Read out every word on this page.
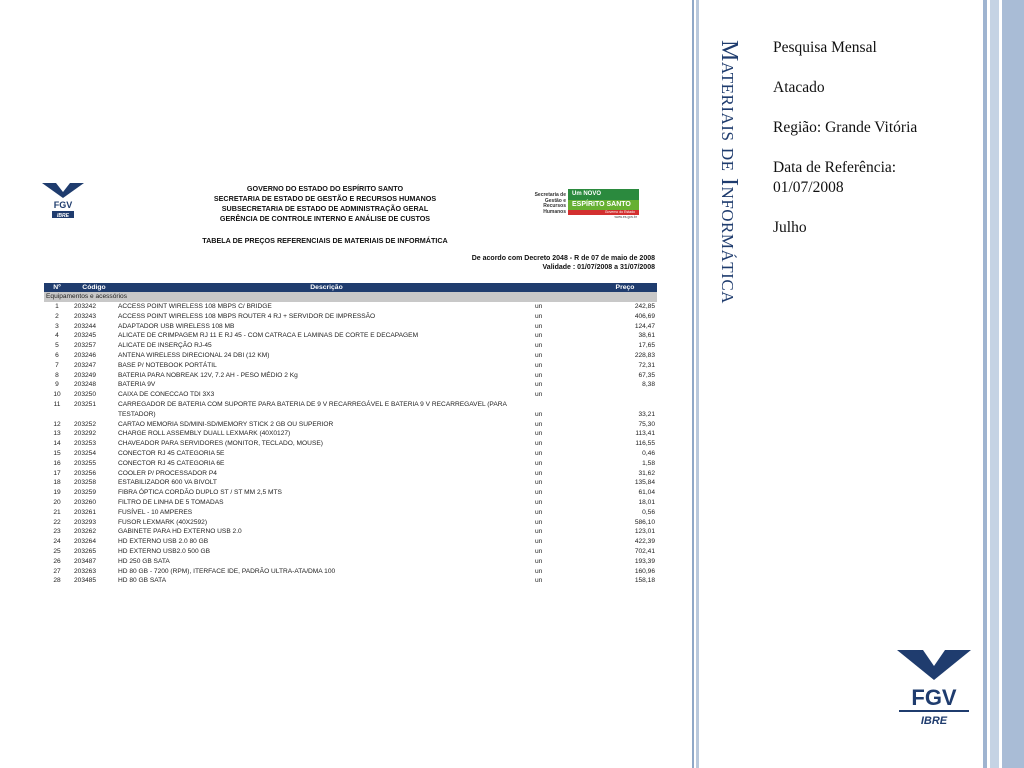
FGV
IBRE
GOVERNO DO ESTADO DO ESPÍRITO SANTO
SECRETARIA DE ESTADO DE GESTÃO E RECURSOS HUMANOS
SUBSECRETARIA DE ESTADO DE ADMINISTRAÇÃO GERAL
GERÊNCIA DE CONTROLE INTERNO E ANÁLISE DE CUSTOS
TABELA DE PREÇOS REFERENCIAIS DE MATERIAIS DE INFORMÁTICA
Secretaria de Gestão e Recursos Humanos
Um NOVO
ESPÍRITO SANTO
Governo do Estado
www.es.gov.br
De acordo com Decreto 2048 - R de 07 de maio de 2008
Validade : 01/07/2008 a 31/07/2008
Nº	Código	Descrição		Preço
Equipamentos e acessórios				
1	203242	ACCESS POINT WIRELESS 108 MBPS C/ BRIDGE	un	242,85
2	203243	ACCESS POINT WIRELESS 108 MBPS ROUTER 4 RJ + SERVIDOR DE IMPRESSÃO	un	406,69
3	203244	ADAPTADOR USB WIRELESS 108 MB	un	124,47
4	203245	ALICATE DE CRIMPAGEM RJ 11 E RJ 45 - COM CATRACA E LAMINAS DE CORTE E DECAPAGEM	un	38,61
5	203257	ALICATE DE INSERÇÃO RJ-45	un	17,65
6	203246	ANTENA WIRELESS DIRECIONAL 24 DBI (12 KM)	un	228,83
7	203247	BASE P/ NOTEBOOK PORTÁTIL	un	72,31
8	203249	BATERIA PARA NOBREAK 12V, 7.2 AH - PESO MÉDIO 2 Kg	un	67,35
9	203248	BATERIA 9V	un	8,38
10	203250	CAIXA DE CONECCAO TDI 3X3	un	
11	203251	CARREGADOR DE BATERIA COM SUPORTE PARA BATERIA DE 9 V RECARREGÁVEL E BATERIA 9 V RECARREGAVEL (PARA TESTADOR)	un	33,21
12	203252	CARTAO MEMORIA SD/MINI-SD/MEMORY STICK 2 GB OU SUPERIOR	un	75,30
13	203292	CHARGE ROLL ASSEMBLY DUALL LEXMARK (40X0127)	un	113,41
14	203253	CHAVEADOR PARA SERVIDORES (MONITOR, TECLADO, MOUSE)	un	116,55
15	203254	CONECTOR RJ 45 CATEGORIA 5E	un	0,46
16	203255	CONECTOR RJ 45 CATEGORIA 6E	un	1,58
17	203256	COOLER P/ PROCESSADOR P4	un	31,62
18	203258	ESTABILIZADOR 600 VA BIVOLT	un	135,84
19	203259	FIBRA ÓPTICA CORDÃO DUPLO ST / ST MM 2,5 MTS	un	61,04
20	203260	FILTRO DE LINHA DE 5 TOMADAS	un	18,01
21	203261	FUSÍVEL - 10 AMPERES	un	0,56
22	203293	FUSOR LEXMARK (40X2592)	un	586,10
23	203262	GABINETE PARA HD EXTERNO USB 2.0	un	123,01
24	203264	HD EXTERNO USB 2.0 80 GB	un	422,39
25	203265	HD EXTERNO USB2.0 500 GB	un	702,41
26	203487	HD 250 GB SATA	un	193,39
27	203263	HD 80 GB - 7200 (RPM), ITERFACE IDE, PADRÃO ULTRA-ATA/DMA 100	un	160,96
28	203485	HD 80 GB SATA	un	158,18
Materiais de Informática	Pesquisa Mensal
Atacado
Região: Grande Vitória
Data de Referência: 01/07/2008
Julho
FGV
IBRE
